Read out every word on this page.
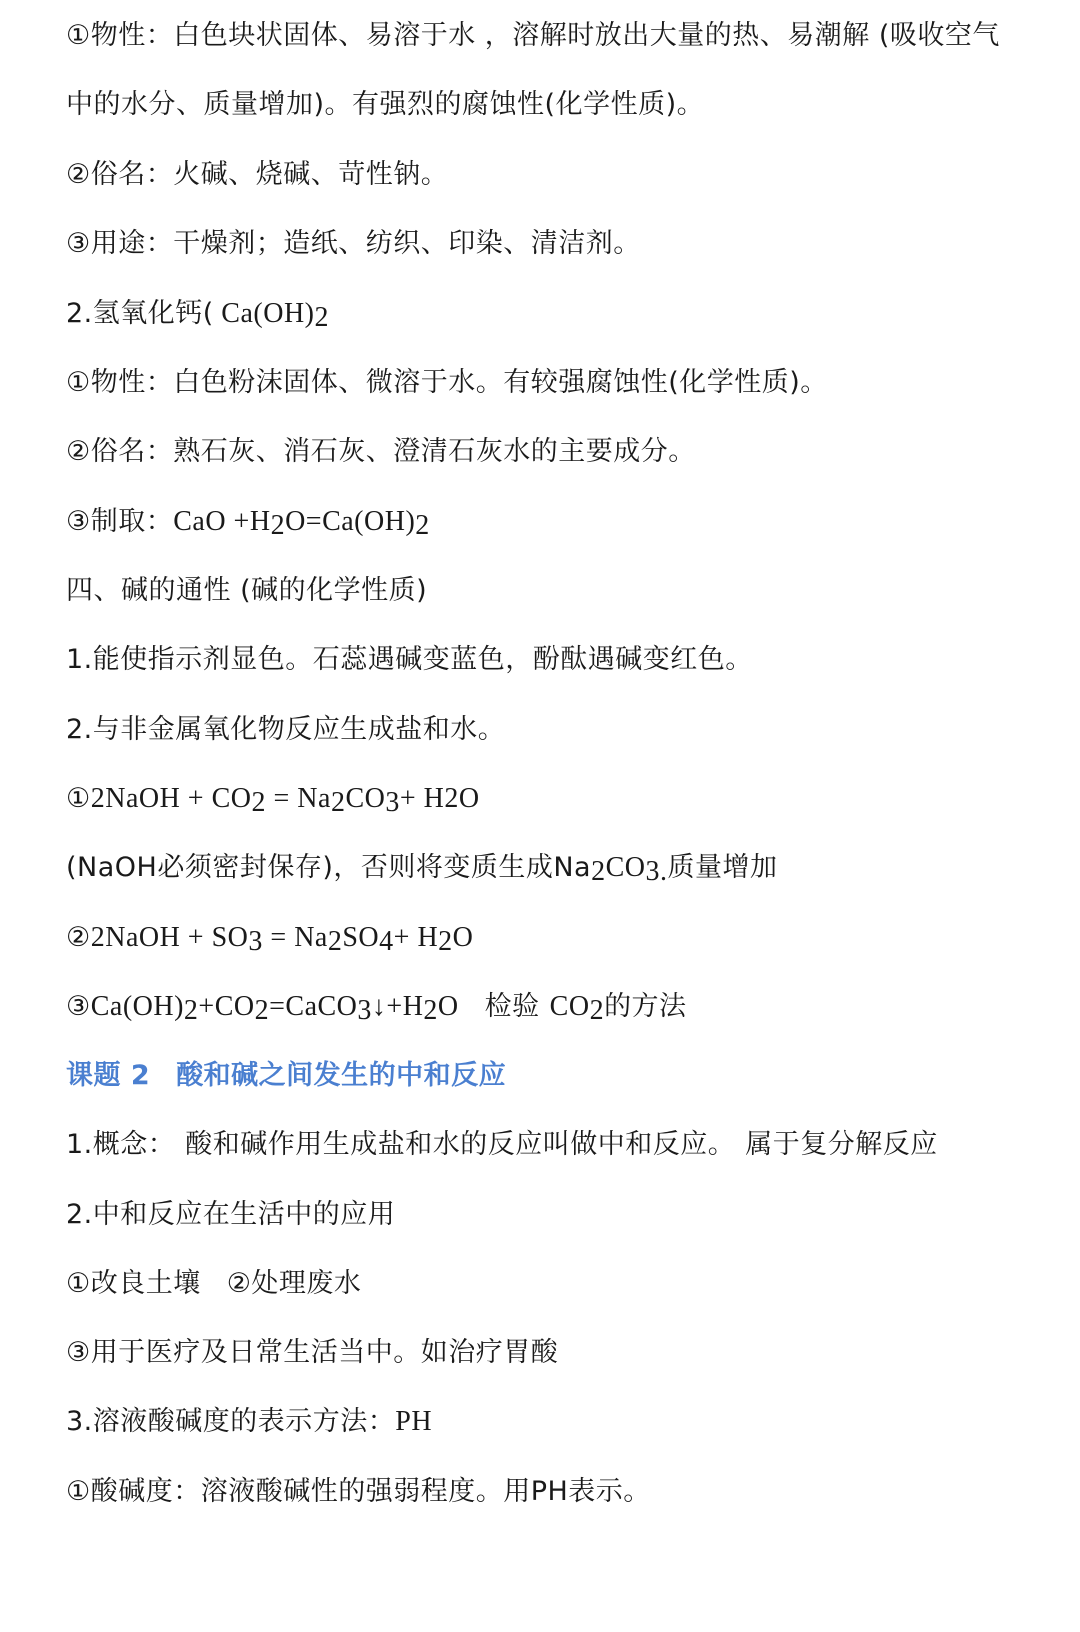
①物性：白色块状固体、易溶于水 ，溶解时放出大量的热、易潮解 (吸收空气
中的水分、质量增加)。有强烈的腐蚀性(化学性质)。
②俗名：火碱、烧碱、苛性钠。
③用途：干燥剂；造纸、纺织、印染、清洁剂。
2.氢氧化钙( $Ca(OH)_2$
①物性：白色粉沫固体、微溶于水。有较强腐蚀性(化学性质)。
②俗名：熟石灰、消石灰、澄清石灰水的主要成分。
③制取：CaO $+H_2O=Ca(OH)_2$
四、碱的通性 (碱的化学性质)
1.能使指示剂显色。石蕊遇碱变蓝色，酚酞遇碱变红色。
2.与非金属氧化物反应生成盐和水。
①2NaOH + $CO_2 = Na_2CO_3+ H2O$
(NaOH必须密封保存)，否则将变质生成$Na_2CO_{3.}$质量增加
②2NaOH + $SO_3 = Na_2SO_4+ H_2O$
$③Ca(OH)_2+CO_2=CaCO_3↓+H_2O$ 检验 $CO_2$的方法
课题 2 酸和碱之间发生的中和反应
1.概念： 酸和碱作用生成盐和水的反应叫做中和反应。 属于复分解反应
2.中和反应在生活中的应用
①改良土壤 ②处理废水
③用于医疗及日常生活当中。如治疗胃酸
3.溶液酸碱度的表示方法：PH
①酸碱度：溶液酸碱性的强弱程度。用PH表示。
